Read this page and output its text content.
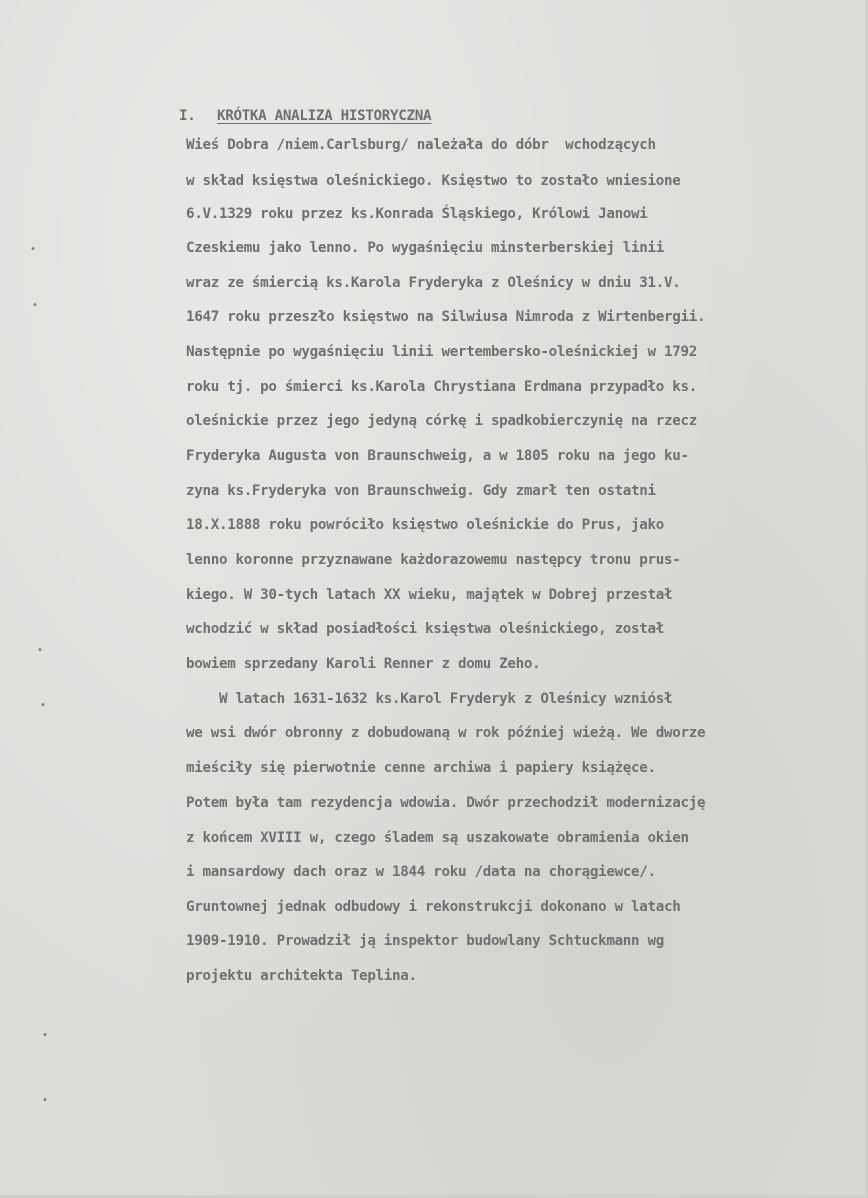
I. KRÓTKA ANALIZA HISTORYCZNA

Wieś Dobra /niem.Carlsburg/ należała do dóbr  wchodzących
w skład księstwa oleśnickiego. Księstwo to zostało wniesione
6.V.1329 roku przez ks.Konrada Śląskiego, Królowi Janowi
Czeskiemu jako lenno. Po wygaśnięciu minsterberskiej linii
wraz ze śmiercią ks.Karola Fryderyka z Oleśnicy w dniu 31.V.
1647 roku przeszło księstwo na Silwiusa Nimroda z Wirtenbergii.
Następnie po wygaśnięciu linii wertembersko-oleśnickiej w 1792
roku tj. po śmierci ks.Karola Chrystiana Erdmana przypadło ks.
oleśnickie przez jego jedyną córkę i spadkobierczynię na rzecz
Fryderyka Augusta von Braunschweig, a w 1805 roku na jego ku-
zyna ks.Fryderyka von Braunschweig. Gdy zmarł ten ostatni
18.X.1888 roku powróciło księstwo oleśnickie do Prus, jako
lenno koronne przyznawane każdorazowemu następcy tronu prus-
kiego. W 30-tych latach XX wieku, majątek w Dobrej przestał
wchodzić w skład posiadłości księstwa oleśnickiego, został
bowiem sprzedany Karoli Renner z domu Zeho.
W latach 1631-1632 ks.Karol Fryderyk z Oleśnicy wzniósł
we wsi dwór obronny z dobudowaną w rok później wieżą. We dworze
mieściły się pierwotnie cenne archiwa i papiery książęce.
Potem była tam rezydencja wdowia. Dwór przechodził modernizację
z końcem XVIII w, czego śladem są uszakowate obramienia okien
i mansardowy dach oraz w 1844 roku /data na chorągiewce/.
Gruntownej jednak odbudowy i rekonstrukcji dokonano w latach
1909-1910. Prowadził ją inspektor budowlany Schtuckmann wg
projektu architekta Teplina.
•
•
•
•
•
•
